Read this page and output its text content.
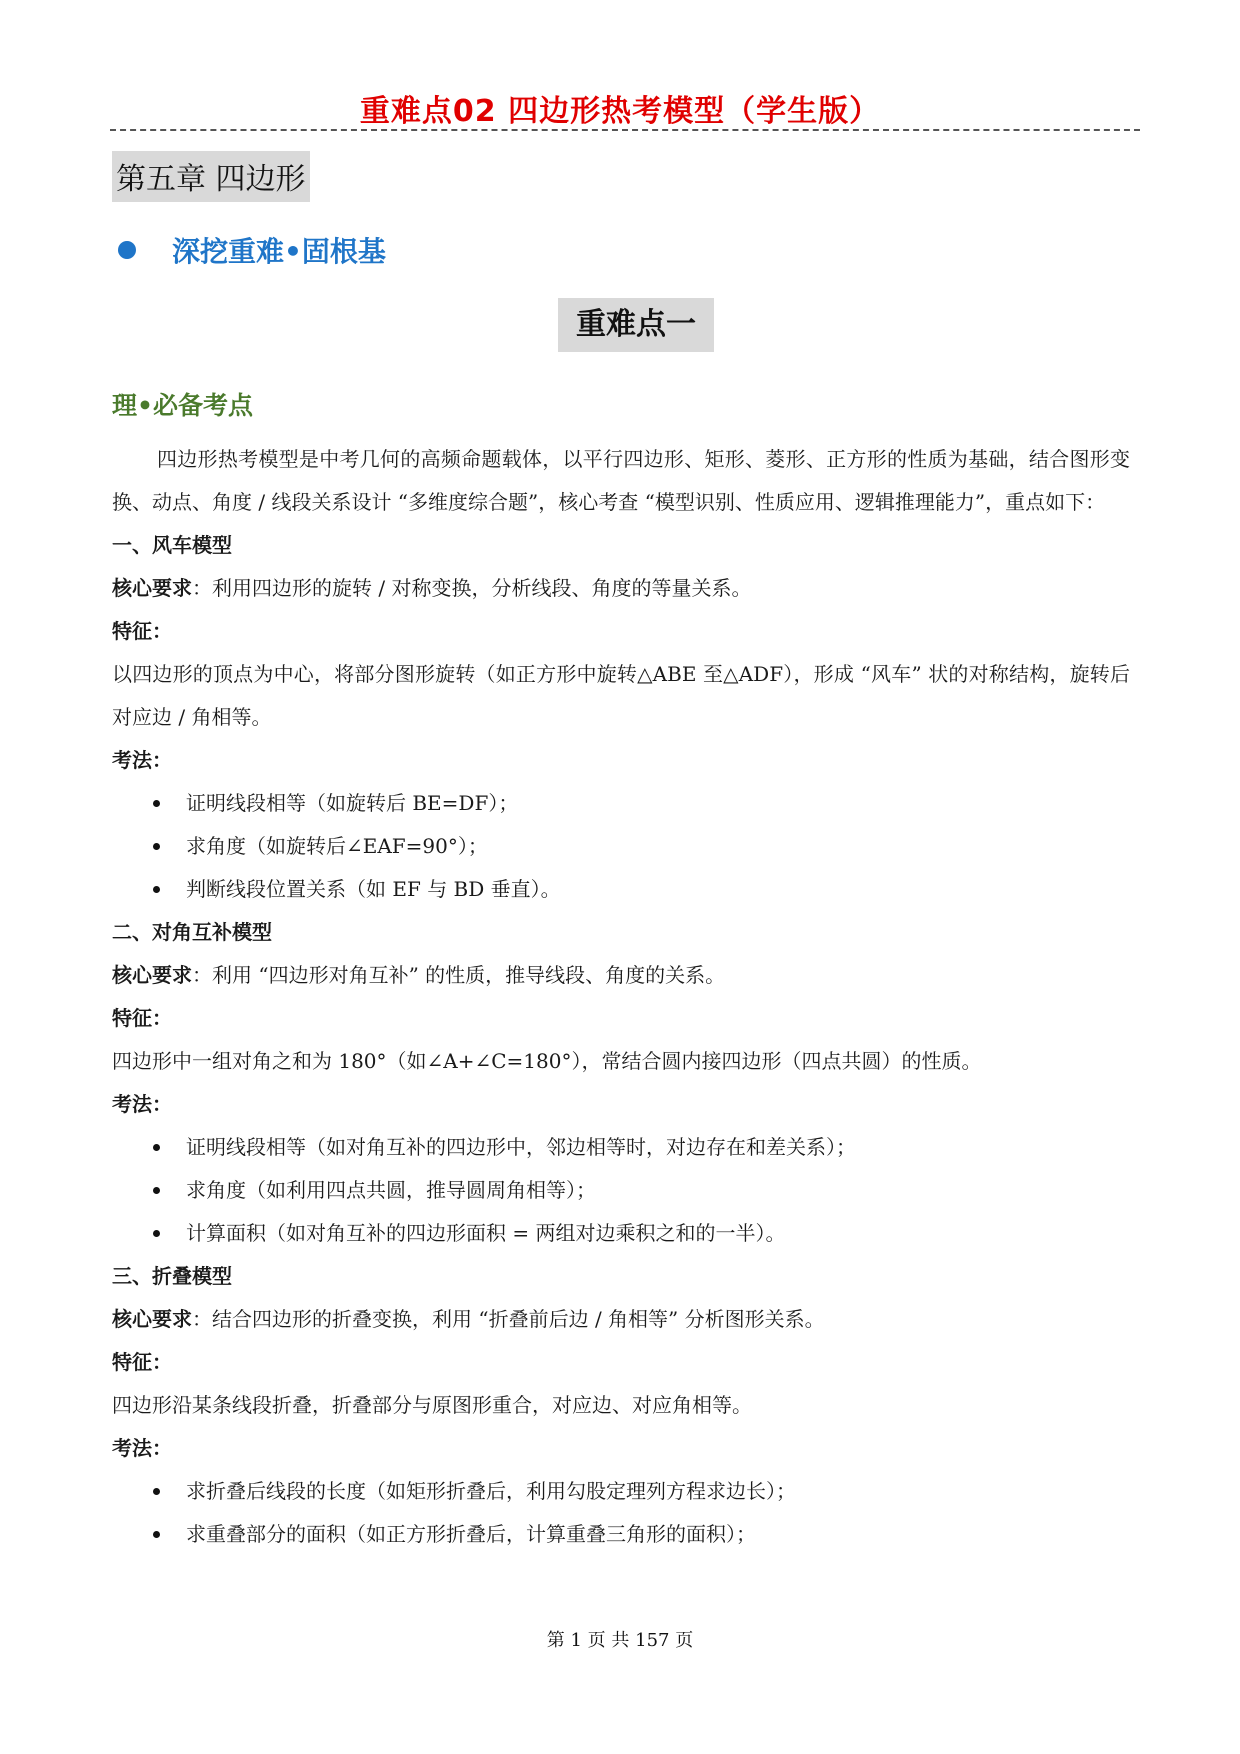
重难点02 四边形热考模型（学生版）
第五章 四边形
深挖重难•固根基
重难点一
理•必备考点

四边形热考模型是中考几何的高频命题载体，以平行四边形、矩形、菱形、正方形的性质为基础，结合图形变换、动点、角度 / 线段关系设计 “多维度综合题”，核心考查 “模型识别、性质应用、逻辑推理能力”，重点如下：

一、风车模型
核心要求：利用四边形的旋转 / 对称变换，分析线段、角度的等量关系。
特征：
以四边形的顶点为中心，将部分图形旋转（如正方形中旋转△ABE 至△ADF），形成 “风车” 状的对称结构，旋转后对应边 / 角相等。
考法：
证明线段相等（如旋转后 BE=DF）；
求角度（如旋转后∠EAF=90°）；
判断线段位置关系（如 EF 与 BD 垂直）。
二、对角互补模型
核心要求：利用 “四边形对角互补” 的性质，推导线段、角度的关系。
特征：
四边形中一组对角之和为 180°（如∠A+∠C=180°），常结合圆内接四边形（四点共圆）的性质。
考法：
证明线段相等（如对角互补的四边形中，邻边相等时，对边存在和差关系）；
求角度（如利用四点共圆，推导圆周角相等）；
计算面积（如对角互补的四边形面积 = 两组对边乘积之和的一半）。
三、折叠模型
核心要求：结合四边形的折叠变换，利用 “折叠前后边 / 角相等” 分析图形关系。
特征：
四边形沿某条线段折叠，折叠部分与原图形重合，对应边、对应角相等。
考法：
求折叠后线段的长度（如矩形折叠后，利用勾股定理列方程求边长）；
求重叠部分的面积（如正方形折叠后，计算重叠三角形的面积）；
第 1 页 共 157 页
